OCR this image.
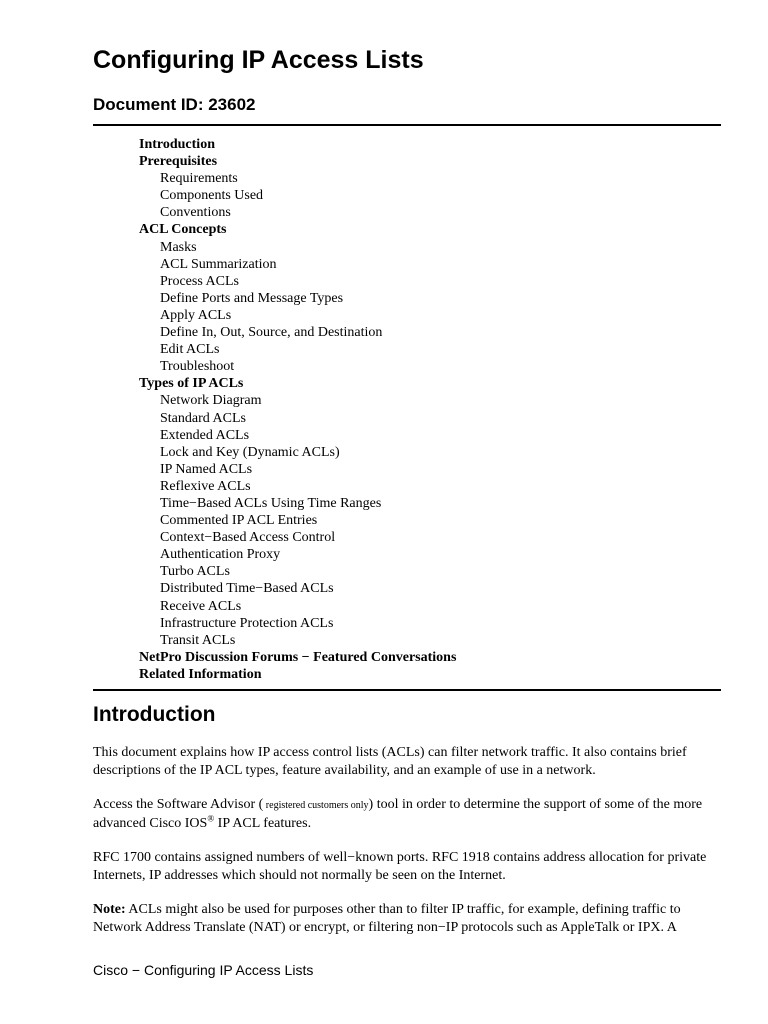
Configuring IP Access Lists
Document ID: 23602
Introduction
Prerequisites
Requirements
Components Used
Conventions
ACL Concepts
Masks
ACL Summarization
Process ACLs
Define Ports and Message Types
Apply ACLs
Define In, Out, Source, and Destination
Edit ACLs
Troubleshoot
Types of IP ACLs
Network Diagram
Standard ACLs
Extended ACLs
Lock and Key (Dynamic ACLs)
IP Named ACLs
Reflexive ACLs
Time−Based ACLs Using Time Ranges
Commented IP ACL Entries
Context−Based Access Control
Authentication Proxy
Turbo ACLs
Distributed Time−Based ACLs
Receive ACLs
Infrastructure Protection ACLs
Transit ACLs
NetPro Discussion Forums − Featured Conversations
Related Information
Introduction

This document explains how IP access control lists (ACLs) can filter network traffic. It also contains brief descriptions of the IP ACL types, feature availability, and an example of use in a network.

Access the Software Advisor ( registered customers only) tool in order to determine the support of some of the more advanced Cisco IOS® IP ACL features.

RFC 1700 contains assigned numbers of well−known ports. RFC 1918 contains address allocation for private Internets, IP addresses which should not normally be seen on the Internet.

Note: ACLs might also be used for purposes other than to filter IP traffic, for example, defining traffic to Network Address Translate (NAT) or encrypt, or filtering non−IP protocols such as AppleTalk or IPX. A

Cisco − Configuring IP Access Lists
